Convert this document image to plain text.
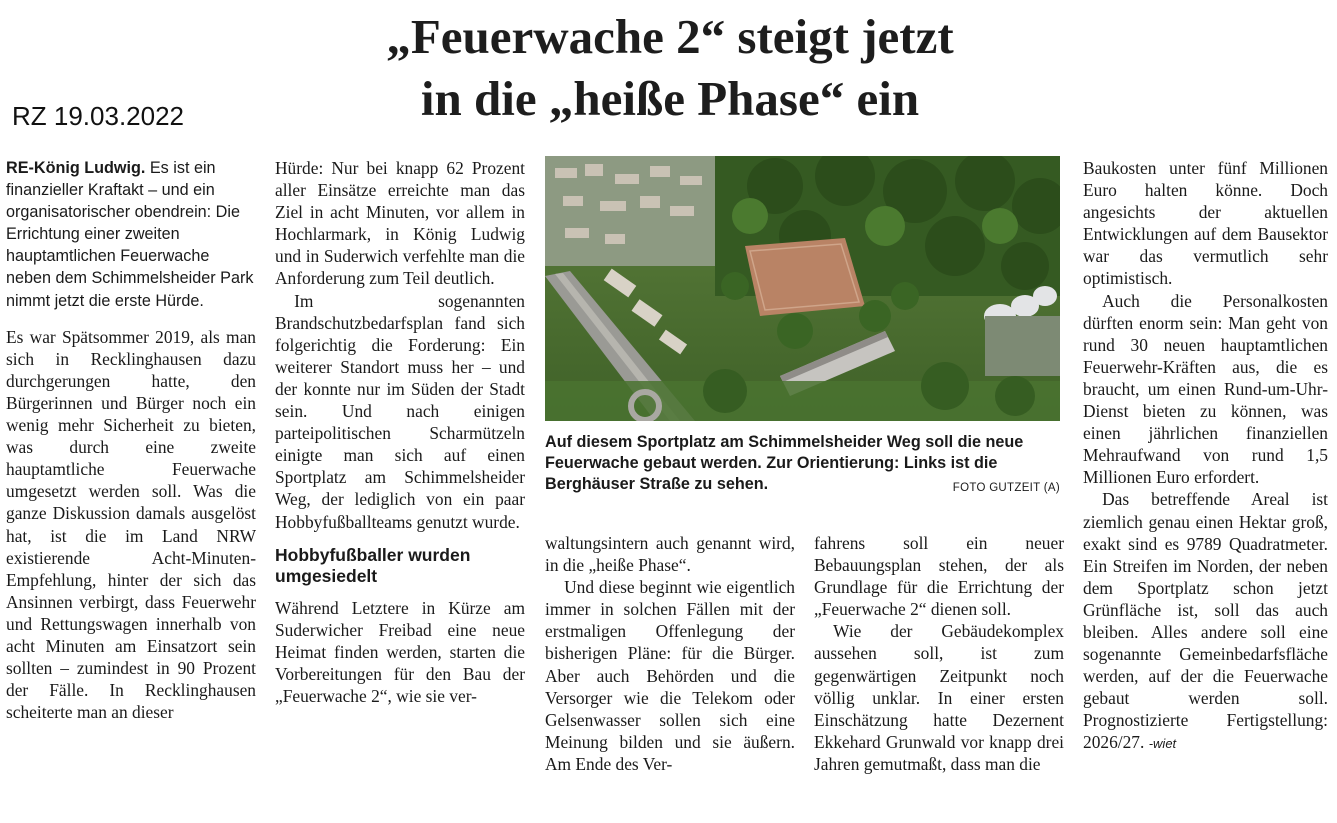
„Feuerwache 2“ steigt jetzt
in die „heiße Phase“ ein
RZ 19.03.2022

RE-König Ludwig. Es ist ein finanzieller Kraftakt – und ein organisatorischer obendrein: Die Errichtung einer zweiten hauptamtlichen Feuerwache neben dem Schimmelsheider Park nimmt jetzt die erste Hürde.

Es war Spätsommer 2019, als man sich in Recklinghausen dazu durchgerungen hatte, den Bürgerinnen und Bürger noch ein wenig mehr Sicherheit zu bieten, was durch eine zweite hauptamtliche Feuerwache umgesetzt werden soll. Was die ganze Diskussion damals ausgelöst hat, ist die im Land NRW existierende Acht-Minuten-Empfehlung, hinter der sich das Ansinnen verbirgt, dass Feuerwehr und Rettungswagen innerhalb von acht Minuten am Einsatzort sein sollten – zumindest in 90 Prozent der Fälle. In Recklinghausen scheiterte man an dieser

Hürde: Nur bei knapp 62 Prozent aller Einsätze erreichte man das Ziel in acht Minuten, vor allem in Hochlarmark, in König Ludwig und in Suderwich verfehlte man die Anforderung zum Teil deutlich.

Im sogenannten Brandschutzbedarfsplan fand sich folgerichtig die Forderung: Ein weiterer Standort muss her – und der konnte nur im Süden der Stadt sein. Und nach einigen parteipolitischen Scharmützeln einigte man sich auf einen Sportplatz am Schimmelsheider Weg, der lediglich von ein paar Hobbyfußballteams genutzt wurde.

Hobbyfußballer wurden umgesiedelt

Während Letztere in Kürze am Suderwicher Freibad eine neue Heimat finden werden, starten die Vorbereitungen für den Bau der „Feuerwache 2“, wie sie ver-

Auf diesem Sportplatz am Schimmelsheider Weg soll die neue Feuerwache gebaut werden. Zur Orientierung: Links ist die Berghäuser Straße zu sehen.	FOTO GUTZEIT (A)

waltungsintern auch genannt wird, in die „heiße Phase“.

Und diese beginnt wie eigentlich immer in solchen Fällen mit der erstmaligen Offenlegung der bisherigen Pläne: für die Bürger. Aber auch Behörden und die Versorger wie die Telekom oder Gelsenwasser sollen sich eine Meinung bilden und sie äußern. Am Ende des Ver-

fahrens soll ein neuer Bebauungsplan stehen, der als Grundlage für die Errichtung der „Feuerwache 2“ dienen soll.

Wie der Gebäudekomplex aussehen soll, ist zum gegenwärtigen Zeitpunkt noch völlig unklar. In einer ersten Einschätzung hatte Dezernent Ekkehard Grunwald vor knapp drei Jahren gemutmaßt, dass man die

Baukosten unter fünf Millionen Euro halten könne. Doch angesichts der aktuellen Entwicklungen auf dem Bausektor war das vermutlich sehr optimistisch.

Auch die Personalkosten dürften enorm sein: Man geht von rund 30 neuen hauptamtlichen Feuerwehr-Kräften aus, die es braucht, um einen Rund-um-Uhr-Dienst bieten zu können, was einen jährlichen finanziellen Mehraufwand von rund 1,5 Millionen Euro erfordert.

Das betreffende Areal ist ziemlich genau einen Hektar groß, exakt sind es 9789 Quadratmeter. Ein Streifen im Norden, der neben dem Sportplatz schon jetzt Grünfläche ist, soll das auch bleiben. Alles andere soll eine sogenannte Gemeinbedarfsfläche werden, auf der die Feuerwache gebaut werden soll. Prognostizierte Fertigstellung: 2026/27. -wiet
